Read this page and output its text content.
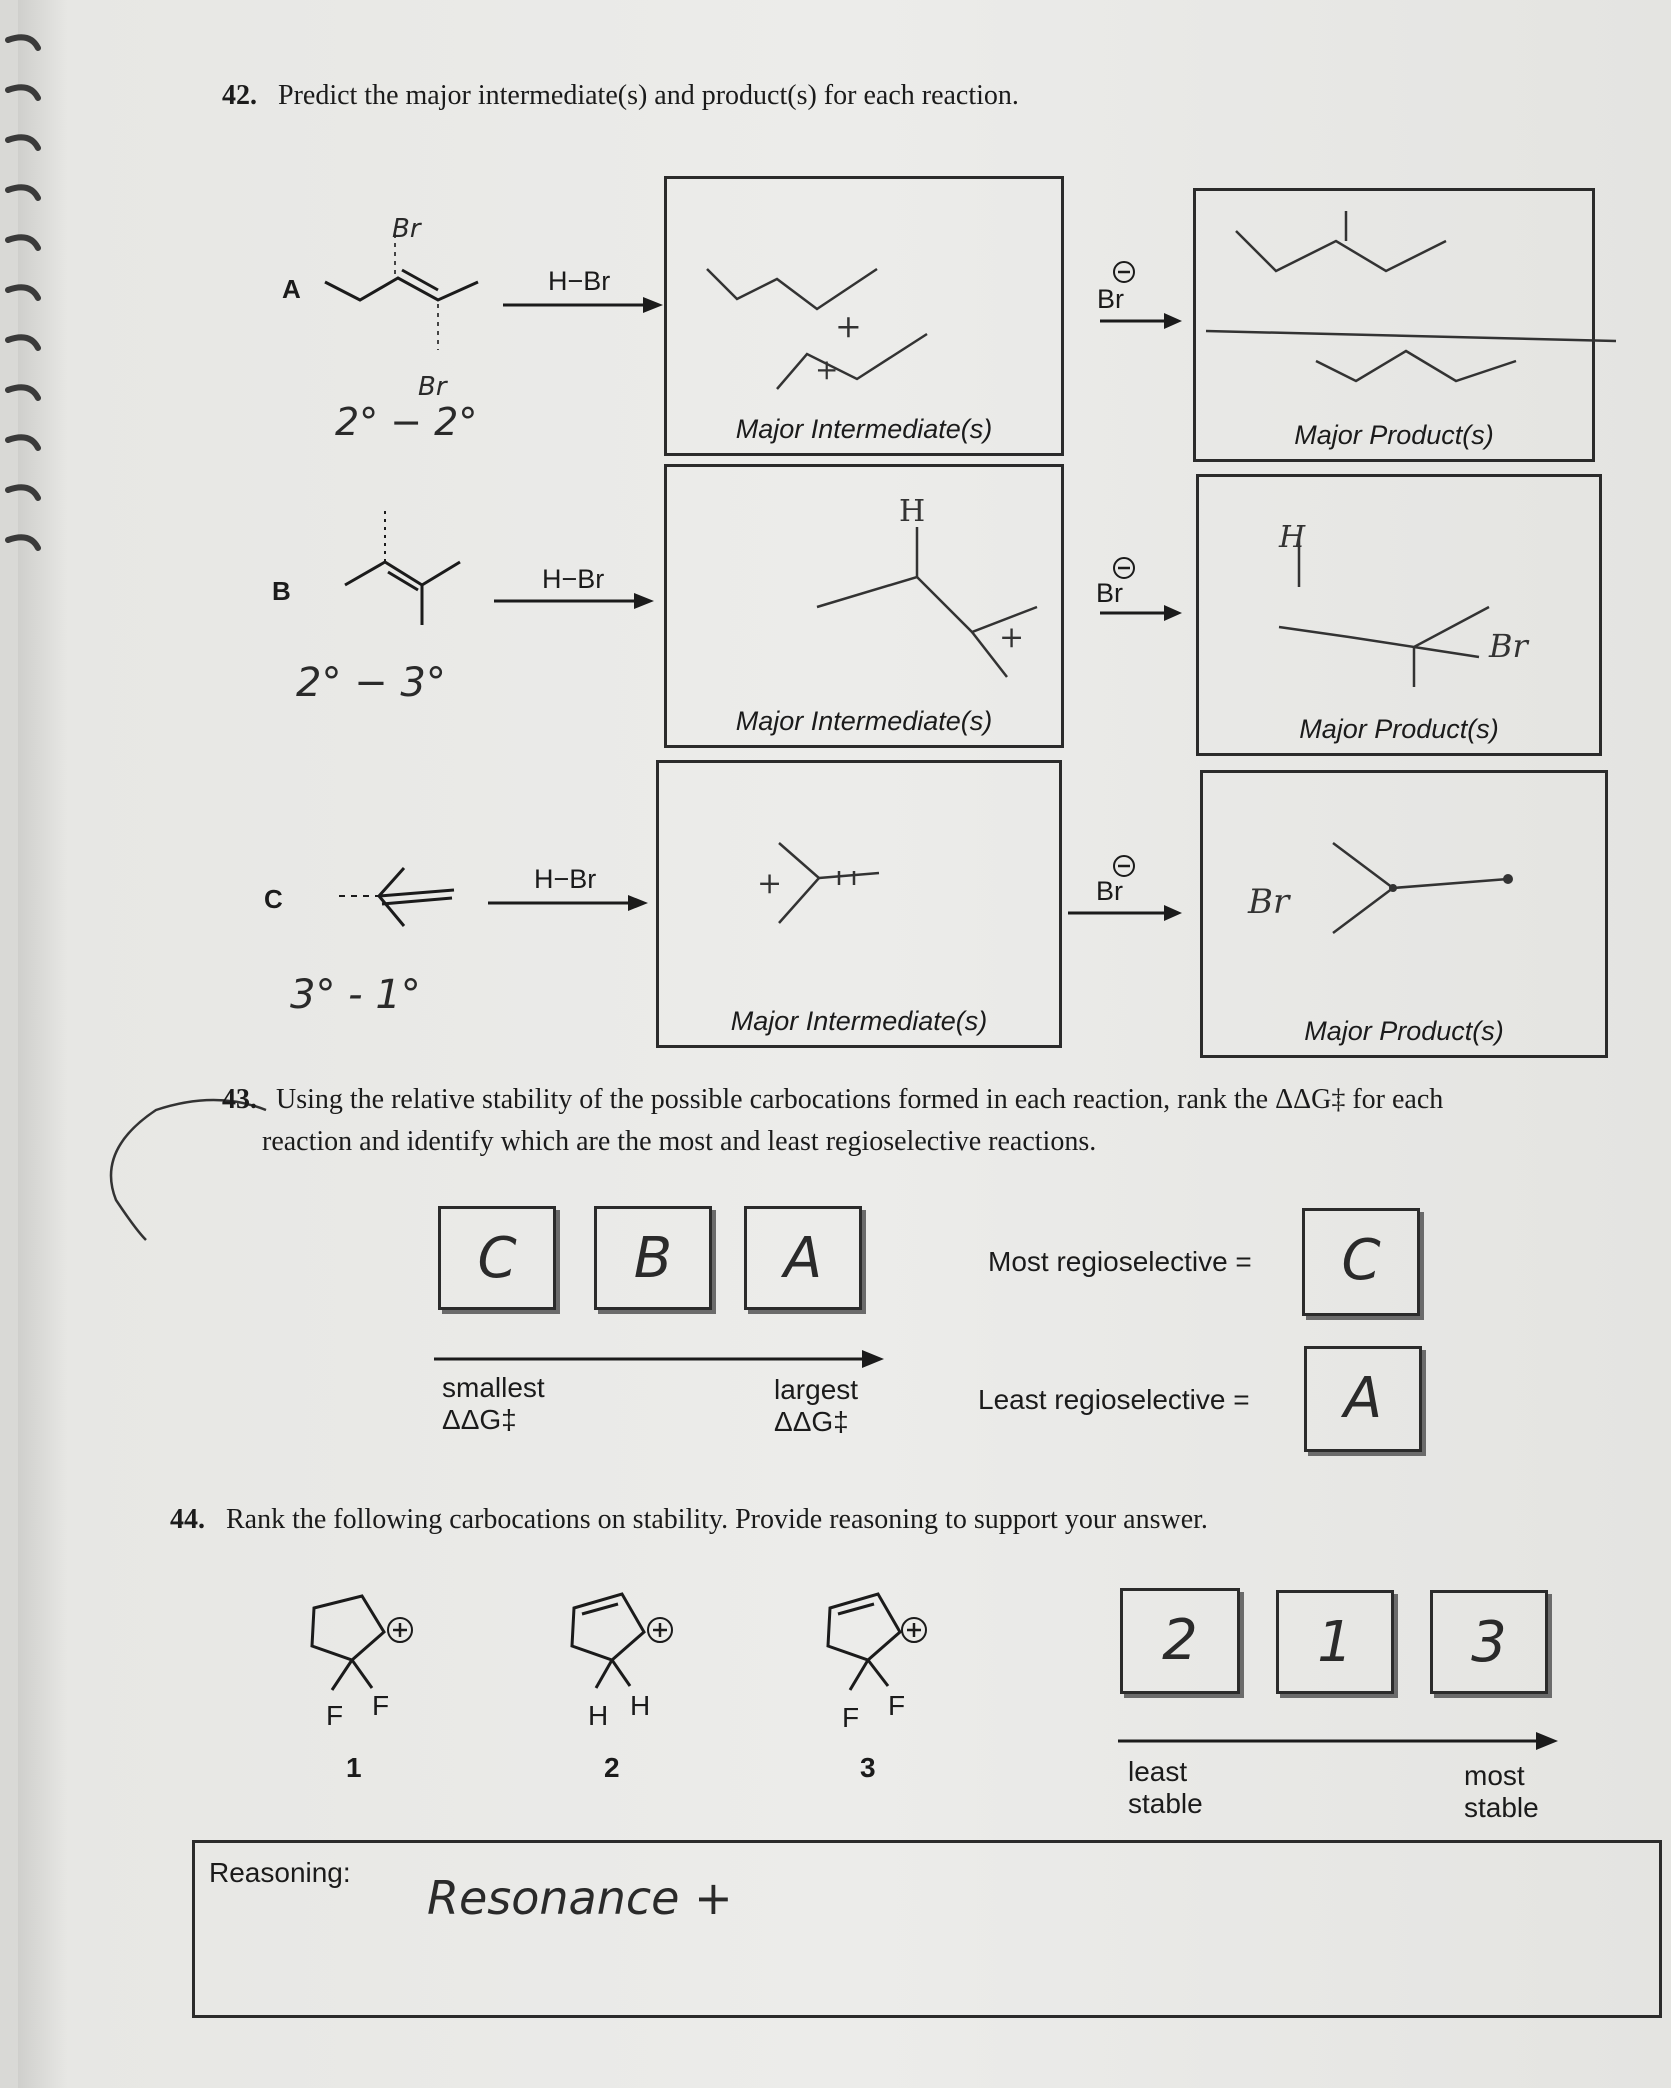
42. Predict the major intermediate(s) and product(s) for each reaction.
A
Br
Br
2° − 2°
H−Br
+
+
Major Intermediate(s)
Br
Major Product(s)
B
2° − 3°
H−Br
H
+
Major Intermediate(s)
Br
H
Br
Major Product(s)
C
3° - 1°
H−Br	+
Major Intermediate(s)
Br	Br
Major Product(s)
43. Using the relative stability of the possible carbocations formed in each reaction, rank the ΔΔG‡ for each
reaction and identify which are the most and least regioselective reactions.
C	B	A
smallest
ΔΔG‡
largest
ΔΔG‡
Most regioselective =	C
Least regioselective =	A
44. Rank the following carbocations on stability. Provide reasoning to support your answer.
F F
1
H H
2
F F
3
2	1	3
least
stable
most
stable
Reasoning: Resonance +
